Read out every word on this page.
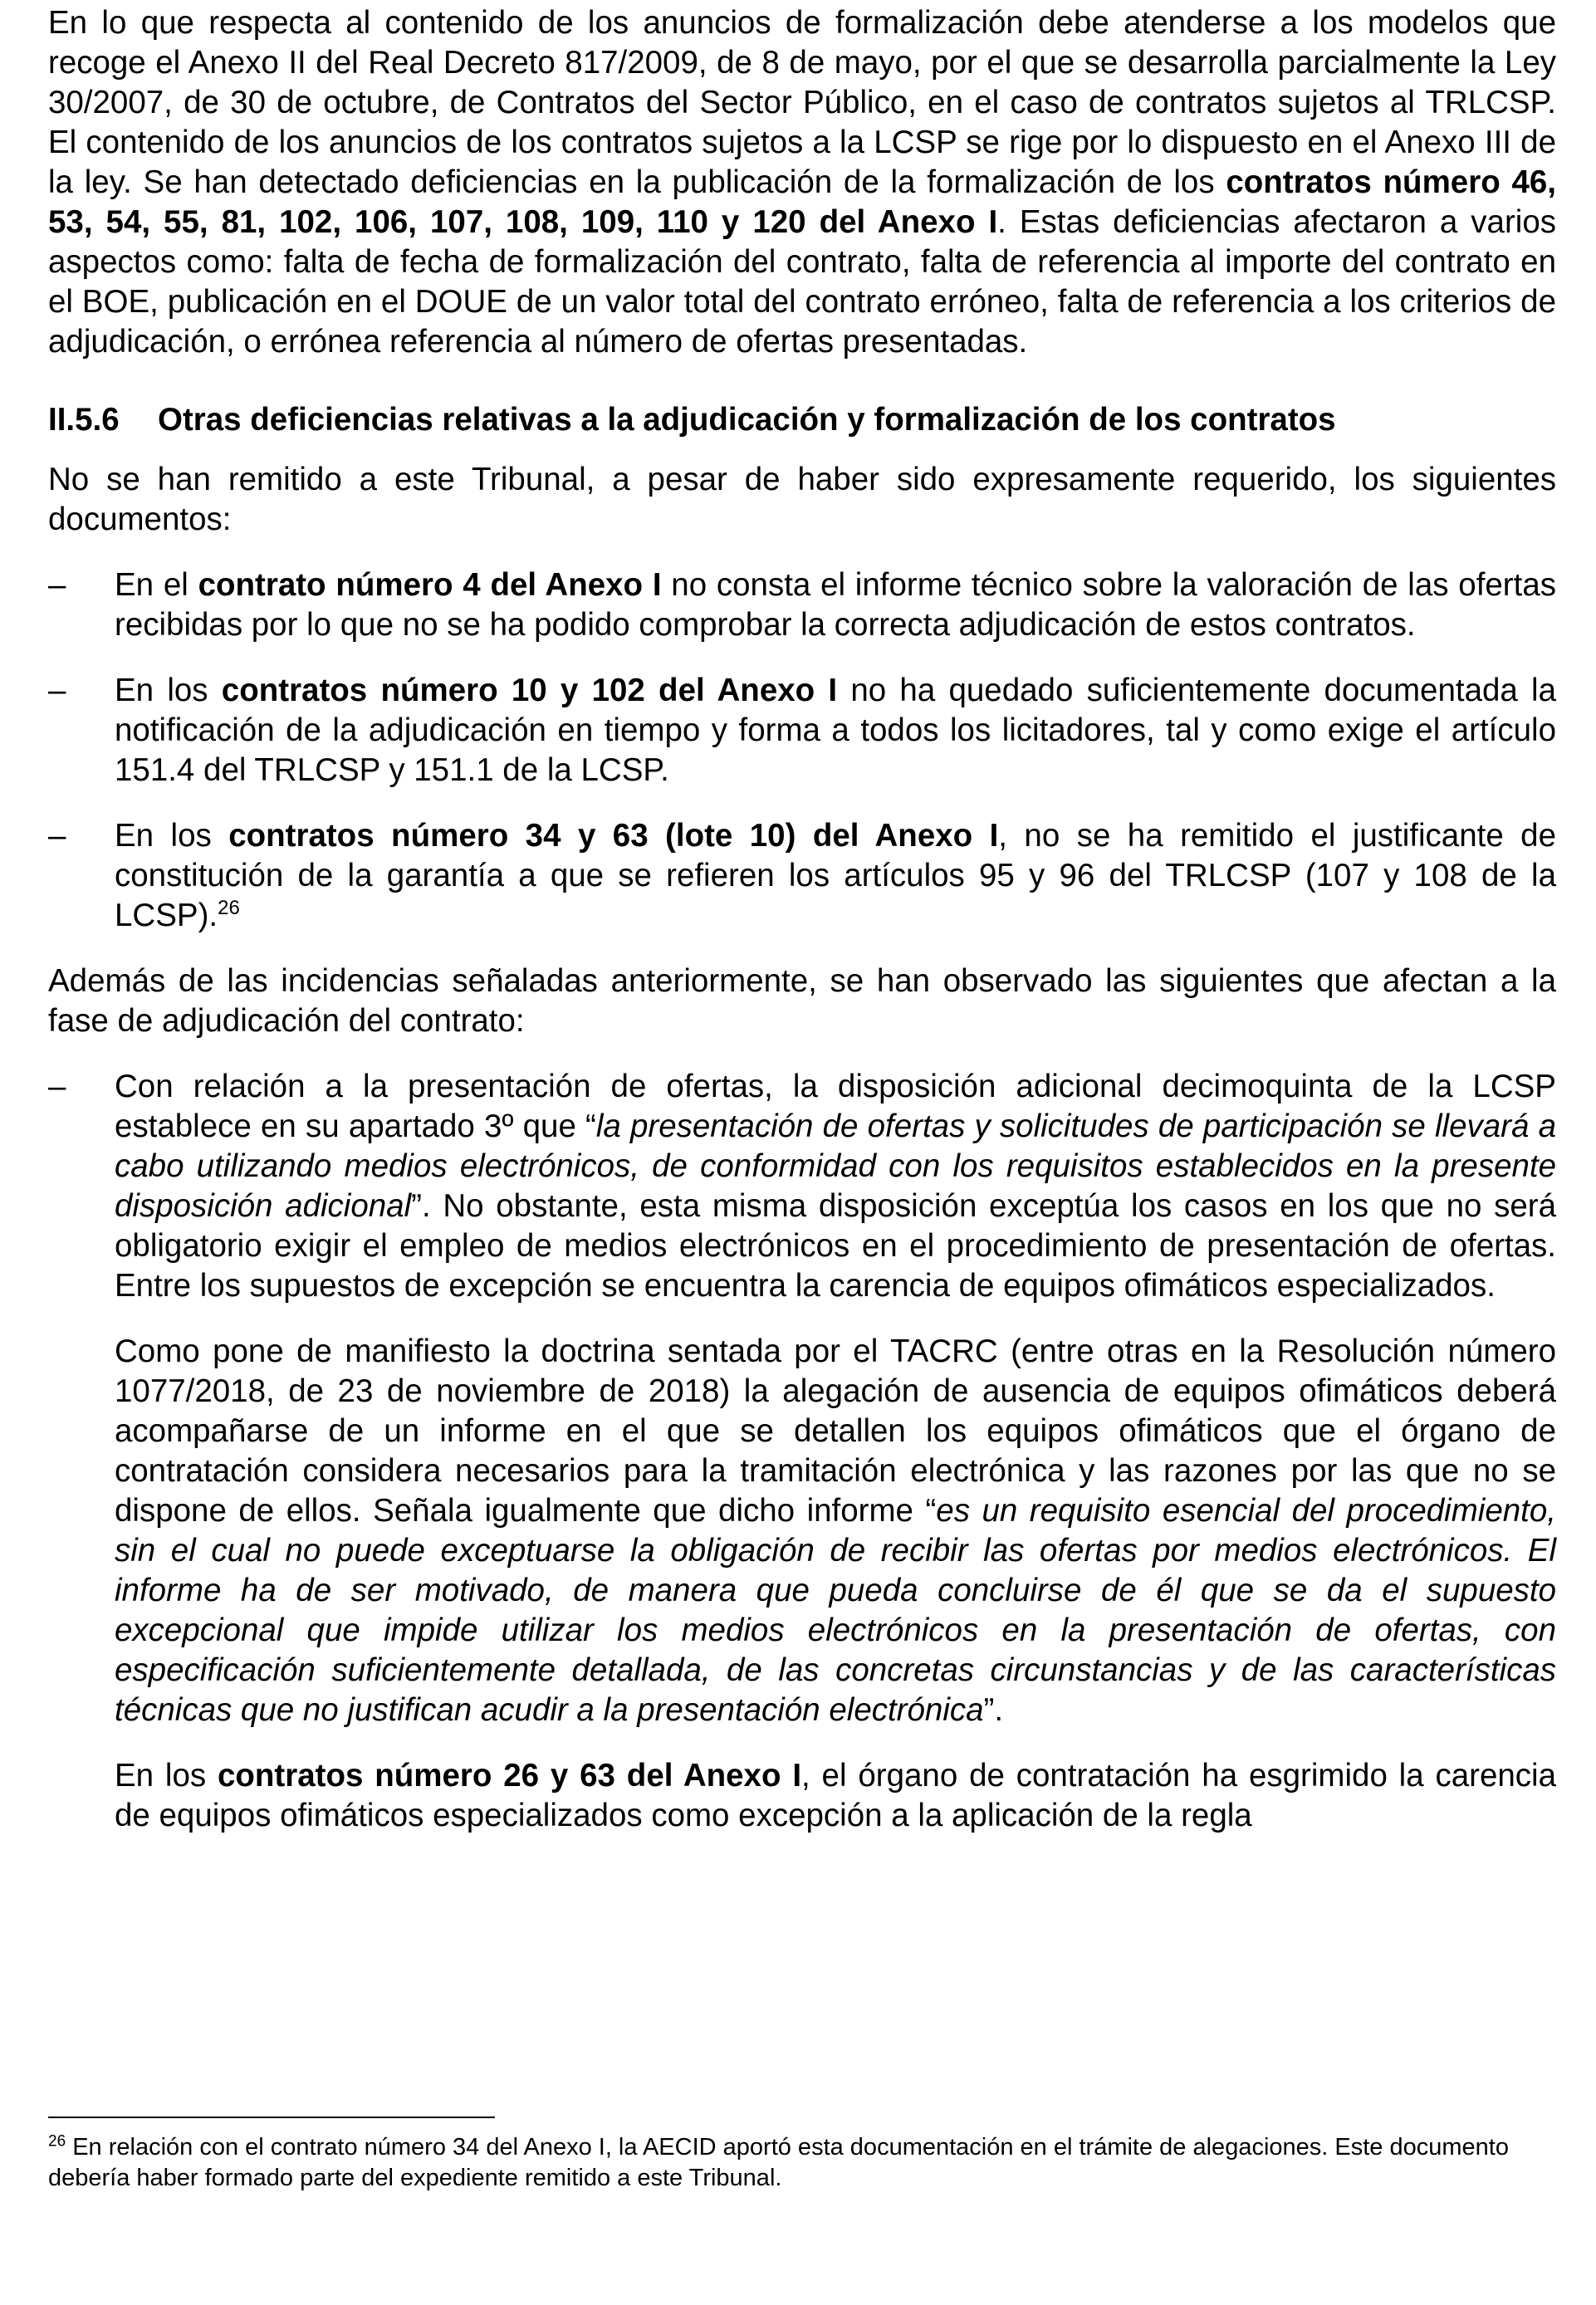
En lo que respecta al contenido de los anuncios de formalización debe atenderse a los modelos que recoge el Anexo II del Real Decreto 817/2009, de 8 de mayo, por el que se desarrolla parcialmente la Ley 30/2007, de 30 de octubre, de Contratos del Sector Público, en el caso de contratos sujetos al TRLCSP. El contenido de los anuncios de los contratos sujetos a la LCSP se rige por lo dispuesto en el Anexo III de la ley. Se han detectado deficiencias en la publicación de la formalización de los contratos número 46, 53, 54, 55, 81, 102, 106, 107, 108, 109, 110 y 120 del Anexo I. Estas deficiencias afectaron a varios aspectos como: falta de fecha de formalización del contrato, falta de referencia al importe del contrato en el BOE, publicación en el DOUE de un valor total del contrato erróneo, falta de referencia a los criterios de adjudicación, o errónea referencia al número de ofertas presentadas.

II.5.6	Otras deficiencias relativas a la adjudicación y formalización de los contratos

No se han remitido a este Tribunal, a pesar de haber sido expresamente requerido, los siguientes documentos:

–	En el contrato número 4 del Anexo I no consta el informe técnico sobre la valoración de las ofertas recibidas por lo que no se ha podido comprobar la correcta adjudicación de estos contratos.

–	En los contratos número 10 y 102 del Anexo I no ha quedado suficientemente documentada la notificación de la adjudicación en tiempo y forma a todos los licitadores, tal y como exige el artículo 151.4 del TRLCSP y 151.1 de la LCSP.

–	En los contratos número 34 y 63 (lote 10) del Anexo I, no se ha remitido el justificante de constitución de la garantía a que se refieren los artículos 95 y 96 del TRLCSP (107 y 108 de la LCSP).$^{26}$

Además de las incidencias señaladas anteriormente, se han observado las siguientes que afectan a la fase de adjudicación del contrato:

–	Con relación a la presentación de ofertas, la disposición adicional decimoquinta de la LCSP establece en su apartado 3º que “la presentación de ofertas y solicitudes de participación se llevará a cabo utilizando medios electrónicos, de conformidad con los requisitos establecidos en la presente disposición adicional”. No obstante, esta misma disposición exceptúa los casos en los que no será obligatorio exigir el empleo de medios electrónicos en el procedimiento de presentación de ofertas. Entre los supuestos de excepción se encuentra la carencia de equipos ofimáticos especializados.

Como pone de manifiesto la doctrina sentada por el TACRC (entre otras en la Resolución número 1077/2018, de 23 de noviembre de 2018) la alegación de ausencia de equipos ofimáticos deberá acompañarse de un informe en el que se detallen los equipos ofimáticos que el órgano de contratación considera necesarios para la tramitación electrónica y las razones por las que no se dispone de ellos. Señala igualmente que dicho informe “es un requisito esencial del procedimiento, sin el cual no puede exceptuarse la obligación de recibir las ofertas por medios electrónicos. El informe ha de ser motivado, de manera que pueda concluirse de él que se da el supuesto excepcional que impide utilizar los medios electrónicos en la presentación de ofertas, con especificación suficientemente detallada, de las concretas circunstancias y de las características técnicas que no justifican acudir a la presentación electrónica”.

En los contratos número 26 y 63 del Anexo I, el órgano de contratación ha esgrimido la carencia de equipos ofimáticos especializados como excepción a la aplicación de la regla

$^{26}$ En relación con el contrato número 34 del Anexo I, la AECID aportó esta documentación en el trámite de alegaciones. Este documento debería haber formado parte del expediente remitido a este Tribunal.
